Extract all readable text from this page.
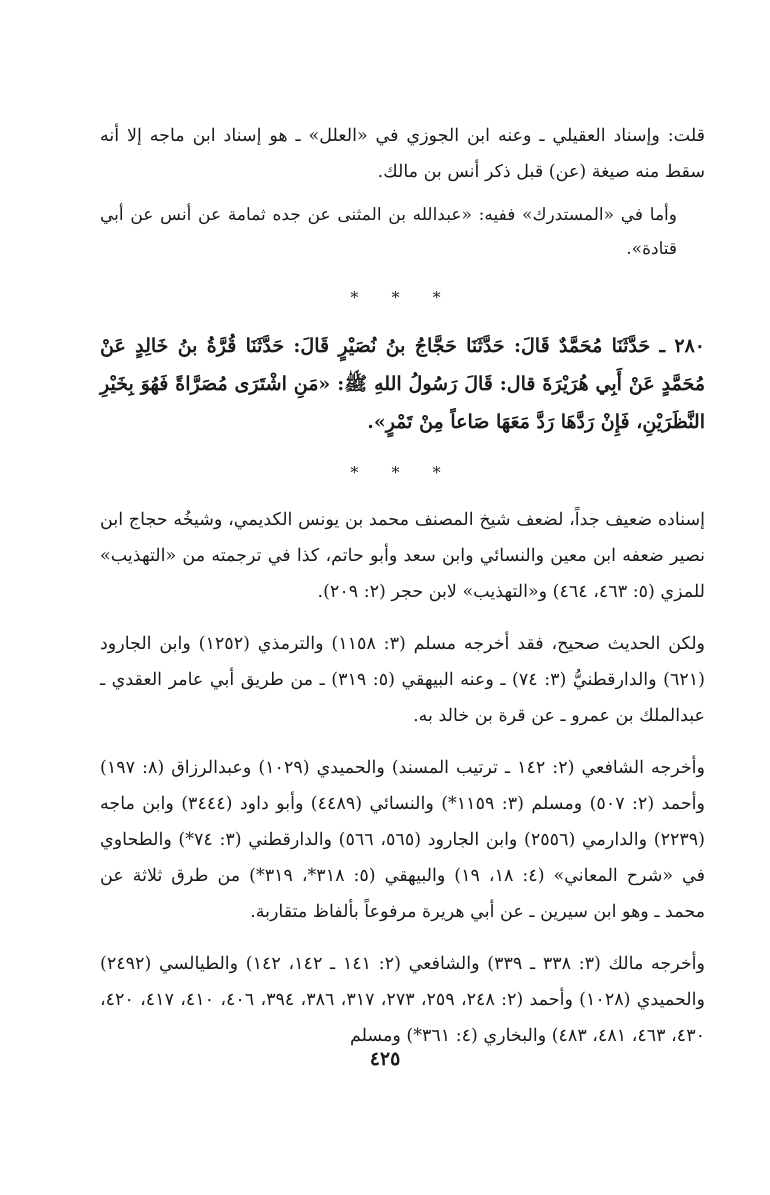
قلت: وإسناد العقيلي ـ وعنه ابن الجوزي في «العلل» ـ هو إسناد ابن ماجه إلا أنه سقط منه صيغة (عن) قبل ذكر أنس بن مالك.

وأما في «المستدرك» ففيه: «عبدالله بن المثنى عن جده ثمامة عن أنس عن أبي قتادة».

* * *

٢٨٠ ـ حَدَّثَنَا مُحَمَّدٌ قَالَ: حَدَّثَنَا حَجَّاجُ بنُ نُصَيْرٍ قَالَ: حَدَّثَنَا قُرَّةُ بنُ خَالِدٍ عَنْ مُحَمَّدٍ عَنْ أَبِي هُرَيْرَةَ قال: قَالَ رَسُولُ اللهِ ﷺ: «مَنِ اشْتَرَى مُصَرَّاةً فَهُوَ بِخَيْرِ النَّظَرَيْنِ، فَإِنْ رَدَّهَا رَدَّ مَعَهَا صَاعاً مِنْ تَمْرٍ».

* * *

إسناده ضعيف جداً، لضعف شيخ المصنف محمد بن يونس الكديمي، وشيخُه حجاج ابن نصير ضعفه ابن معين والنسائي وابن سعد وأبو حاتم، كذا في ترجمته من «التهذيب» للمزي (٥: ٤٦٣، ٤٦٤) و«التهذيب» لابن حجر (٢: ٢٠٩).

ولكن الحديث صحيح، فقد أخرجه مسلم (٣: ١١٥٨) والترمذي (١٢٥٢) وابن الجارود (٦٢١) والدارقطنيُّ (٣: ٧٤) ـ وعنه البيهقي (٥: ٣١٩) ـ من طريق أبي عامر العقدي ـ عبدالملك بن عمرو ـ عن قرة بن خالد به.

وأخرجه الشافعي (٢: ١٤٢ ـ ترتيب المسند) والحميدي (١٠٢٩) وعبدالرزاق (٨: ١٩٧) وأحمد (٢: ٥٠٧) ومسلم (٣: ١١٥٩*) والنسائي (٤٤٨٩) وأبو داود (٣٤٤٤) وابن ماجه (٢٢٣٩) والدارمي (٢٥٥٦) وابن الجارود (٥٦٥، ٥٦٦) والدارقطني (٣: ٧٤*) والطحاوي في «شرح المعاني» (٤: ١٨، ١٩) والبيهقي (٥: ٣١٨*، ٣١٩*) من طرق ثلاثة عن محمد ـ وهو ابن سيرين ـ عن أبي هريرة مرفوعاً بألفاظ متقاربة.

وأخرجه مالك (٣: ٣٣٨ ـ ٣٣٩) والشافعي (٢: ١٤١ ـ ١٤٢، ١٤٢) والطيالسي (٢٤٩٢) والحميدي (١٠٢٨) وأحمد (٢: ٢٤٨، ٢٥٩، ٢٧٣، ٣١٧، ٣٨٦، ٣٩٤، ٤٠٦، ٤١٠، ٤١٧، ٤٢٠، ٤٣٠، ٤٦٣، ٤٨١، ٤٨٣) والبخاري (٤: ٣٦١*) ومسلم

٤٢٥
